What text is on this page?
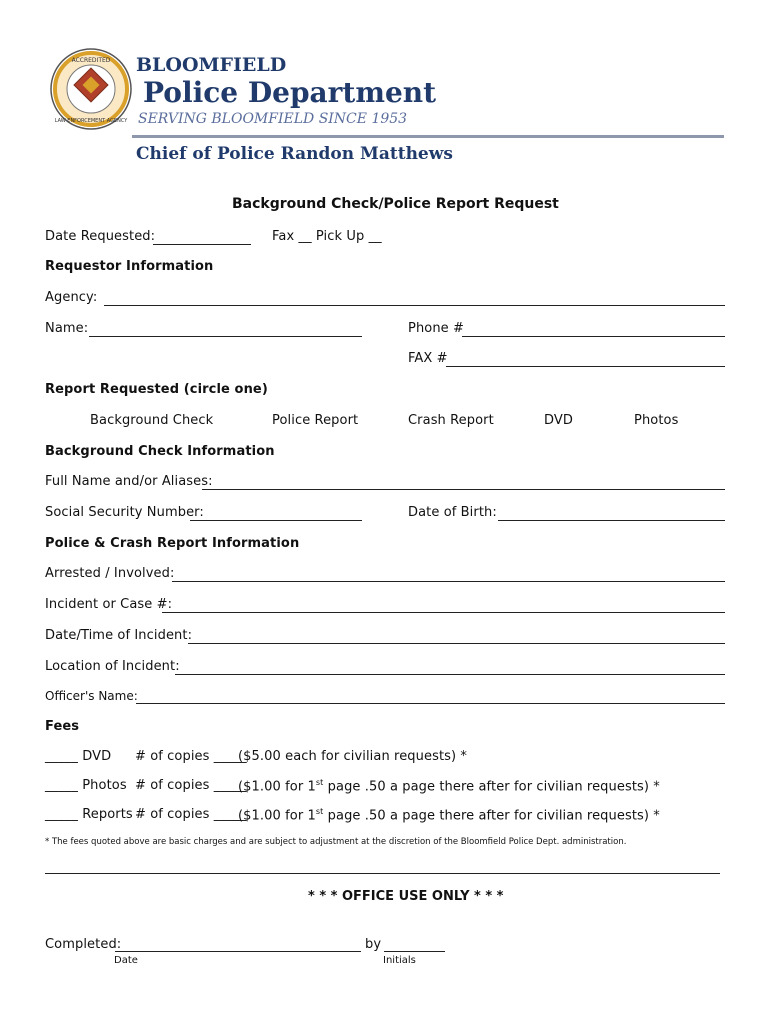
ACCREDITED
LAW ENFORCEMENT AGENCY
BLOOMFIELD
Police Department
SERVING BLOOMFIELD SINCE 1953
Chief of Police Randon Matthews
Background Check/Police Report Request
Date Requested:	Fax __ Pick Up __
Requestor Information
Agency:
Name:	Phone #
FAX #
Report Requested (circle one)
Background Check	Police Report	Crash Report	DVD	Photos
Background Check Information
Full Name and/or Aliases:
Social Security Number:	Date of Birth:
Police & Crash Report Information
Arrested / Involved:
Incident or Case #:
Date/Time of Incident:
Location of Incident:
Officer's Name:
Fees
_____ DVD # of copies _____
($5.00 each for civilian requests) *
_____ Photos # of copies _____
($1.00 for 1st page .50 a page there after for civilian requests) *
_____ Reports # of copies _____
($1.00 for 1st page .50 a page there after for civilian requests) *
* The fees quoted above are basic charges and are subject to adjustment at the discretion of the Bloomfield Police Dept. administration.
* * * OFFICE USE ONLY * * *
Completed:	by
Date	Initials
